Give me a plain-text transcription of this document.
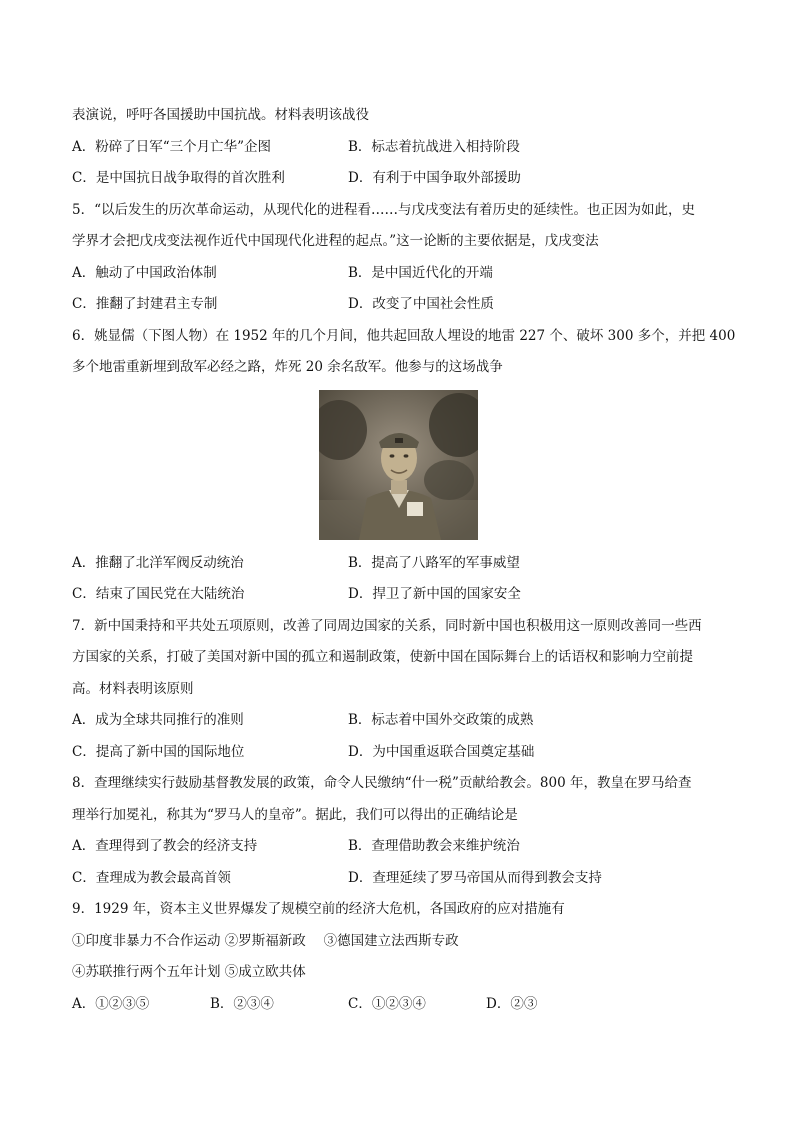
表演说，呼吁各国援助中国抗战。材料表明该战役
A．粉碎了日军“三个月亡华”企图	B．标志着抗战进入相持阶段
C．是中国抗日战争取得的首次胜利	D．有利于中国争取外部援助
5．“以后发生的历次革命运动，从现代化的进程看……与戊戌变法有着历史的延续性。也正因为如此，史
学界才会把戊戌变法视作近代中国现代化进程的起点。”这一论断的主要依据是，戊戌变法
A．触动了中国政治体制	B．是中国近代化的开端
C．推翻了封建君主专制	D．改变了中国社会性质
6．姚显儒（下图人物）在 1952 年的几个月间，他共起回敌人埋设的地雷 227 个、破坏 300 多个，并把 400
多个地雷重新埋到敌军必经之路，炸死 20 余名敌军。他参与的这场战争
A．推翻了北洋军阀反动统治	B．提高了八路军的军事威望
C．结束了国民党在大陆统治	D．捍卫了新中国的国家安全
7．新中国秉持和平共处五项原则，改善了同周边国家的关系，同时新中国也积极用这一原则改善同一些西
方国家的关系，打破了美国对新中国的孤立和遏制政策，使新中国在国际舞台上的话语权和影响力空前提
高。材料表明该原则
A．成为全球共同推行的准则	B．标志着中国外交政策的成熟
C．提高了新中国的国际地位	D．为中国重返联合国奠定基础
8．查理继续实行鼓励基督教发展的政策，命令人民缴纳“什一税”贡献给教会。800 年，教皇在罗马给查
理举行加冕礼，称其为“罗马人的皇帝”。据此，我们可以得出的正确结论是
A．查理得到了教会的经济支持	B．查理借助教会来维护统治
C．查理成为教会最高首领	D．查理延续了罗马帝国从而得到教会支持
9．1929 年，资本主义世界爆发了规模空前的经济大危机，各国政府的应对措施有
①印度非暴力不合作运动 ②罗斯福新政　 ③德国建立法西斯专政
④苏联推行两个五年计划 ⑤成立欧共体
A．①②③⑤	B．②③④	C．①②③④	D．②③
